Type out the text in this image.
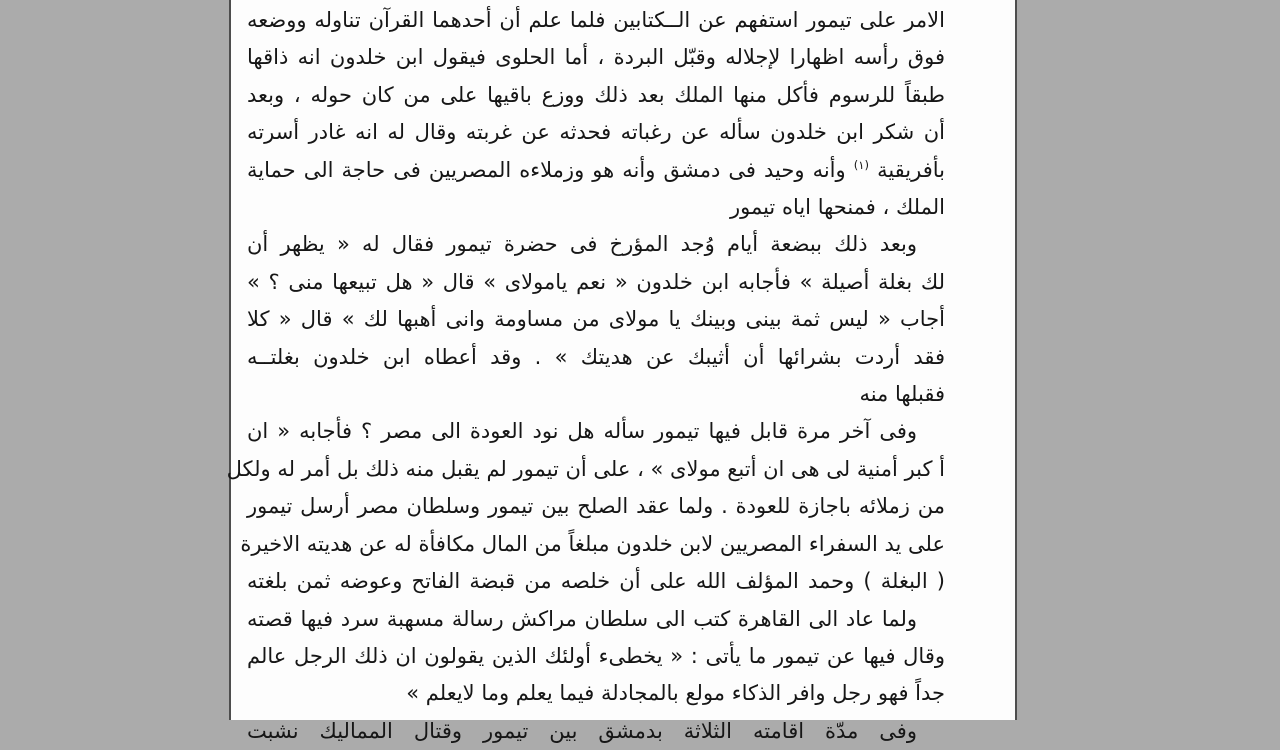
الامر على تيمور استفهم عن الــكتابين فلما علم أن أحدهما القرآن تناوله ووضعه
فوق رأسه اظهارا لإجلاله وقبّل البردة ، أما الحلوى فيقول ابن خلدون انه ذاقها
طبقاً للرسوم فأكل منها الملك بعد ذلك ووزع باقيها على من كان حوله ، وبعد
أن شكر ابن خلدون سأله عن رغباته فحدثه عن غربته وقال له انه غادر أسرته
بأفريقية $^{(١)}$ وأنه وحيد فى دمشق وأنه هو وزملاءه المصريين فى حاجة الى حماية
الملك ، فمنحها اياه تيمور
وبعد ذلك ببضعة أيام وُجد المؤرخ فى حضرة تيمور فقال له « يظهر أن
لك بغلة أصيلة » فأجابه ابن خلدون « نعم يامولاى » قال « هل تبيعها منى ؟ »
أجاب « ليس ثمة بينى وبينك يا مولاى من مساومة وانى أهبها لك » قال « كلا
فقد أردت بشرائها أن أثيبك عن هديتك » . وقد أعطاه ابن خلدون بغلتــه
فقبلها منه
وفى آخر مرة قابل فيها تيمور سأله هل نود العودة الى مصر ؟ فأجابه « ان
أ كبر أمنية لى هى ان أتبع مولاى » ، على أن تيمور لم يقبل منه ذلك بل أمر له ولكل
من زملائه باجازة للعودة . ولما عقد الصلح بين تيمور وسلطان مصر أرسل تيمور
على يد السفراء المصريين لابن خلدون مبلغاً من المال مكافأة له عن هديته الاخيرة
( البغلة ) وحمد المؤلف الله على أن خلصه من قبضة الفاتح وعوضه ثمن بلغته
ولما عاد الى القاهرة كتب الى سلطان مراكش رسالة مسهبة سرد فيها قصته
وقال فيها عن تيمور ما يأتى : « يخطىء أولئك الذين يقولون ان ذلك الرجل عالم
جداً فهو رجل وافر الذكاء مولع بالمجادلة فيما يعلم وما لايعلم »
وفى مدّة اقامته الثلاثة بدمشق بين تيمور وقتال المماليك نشبت
